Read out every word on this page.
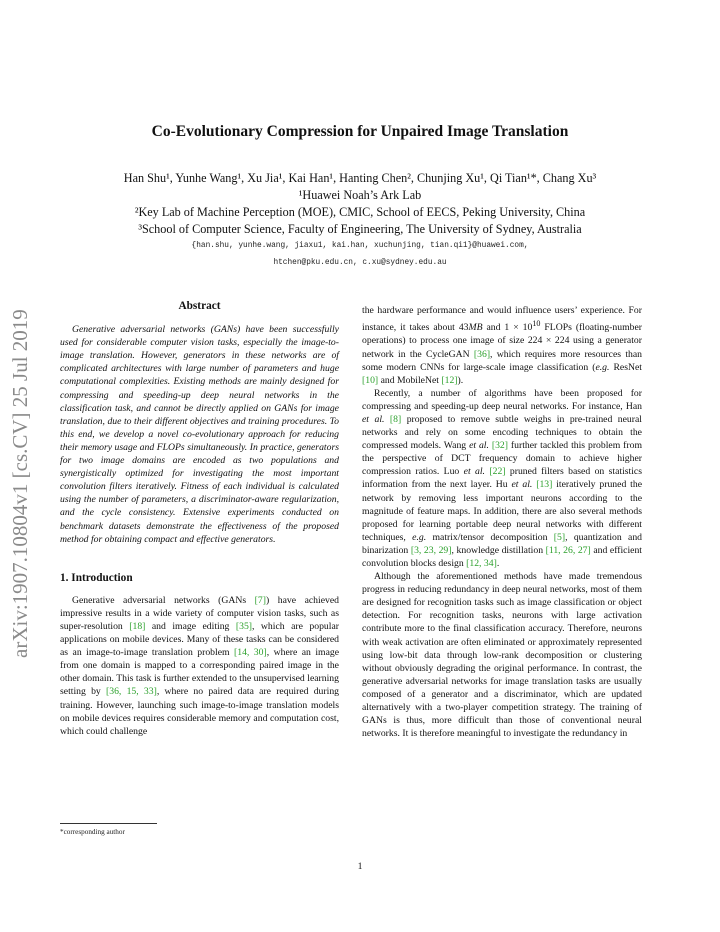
arXiv:1907.10804v1 [cs.CV] 25 Jul 2019
Co-Evolutionary Compression for Unpaired Image Translation
Han Shu¹, Yunhe Wang¹, Xu Jia¹, Kai Han¹, Hanting Chen², Chunjing Xu¹, Qi Tian¹*, Chang Xu³
¹Huawei Noah’s Ark Lab
²Key Lab of Machine Perception (MOE), CMIC, School of EECS, Peking University, China
³School of Computer Science, Faculty of Engineering, The University of Sydney, Australia
{han.shu, yunhe.wang, jiaxu1, kai.han, xuchunjing, tian.qi1}@huawei.com,
htchen@pku.edu.cn, c.xu@sydney.edu.au
Abstract

Generative adversarial networks (GANs) have been successfully used for considerable computer vision tasks, especially the image-to-image translation. However, generators in these networks are of complicated architectures with large number of parameters and huge computational complexities. Existing methods are mainly designed for compressing and speeding-up deep neural networks in the classification task, and cannot be directly applied on GANs for image translation, due to their different objectives and training procedures. To this end, we develop a novel co-evolutionary approach for reducing their memory usage and FLOPs simultaneously. In practice, generators for two image domains are encoded as two populations and synergistically optimized for investigating the most important convolution filters iteratively. Fitness of each individual is calculated using the number of parameters, a discriminator-aware regularization, and the cycle consistency. Extensive experiments conducted on benchmark datasets demonstrate the effectiveness of the proposed method for obtaining compact and effective generators.

1. Introduction

Generative adversarial networks (GANs [7]) have achieved impressive results in a wide variety of computer vision tasks, such as super-resolution [18] and image editing [35], which are popular applications on mobile devices. Many of these tasks can be considered as an image-to-image translation problem [14, 30], where an image from one domain is mapped to a corresponding paired image in the other domain. This task is further extended to the unsupervised learning setting by [36, 15, 33], where no paired data are required during training. However, launching such image-to-image translation models on mobile devices requires considerable memory and computation cost, which could challenge

the hardware performance and would influence users’ experience. For instance, it takes about 43MB and $1 \times 10^{10}$ FLOPs (floating-number operations) to process one image of size 224 × 224 using a generator network in the CycleGAN [36], which requires more resources than some modern CNNs for large-scale image classification (e.g. ResNet [10] and MobileNet [12]).

Recently, a number of algorithms have been proposed for compressing and speeding-up deep neural networks. For instance, Han et al. [8] proposed to remove subtle weighs in pre-trained neural networks and rely on some encoding techniques to obtain the compressed models. Wang et al. [32] further tackled this problem from the perspective of DCT frequency domain to achieve higher compression ratios. Luo et al. [22] pruned filters based on statistics information from the next layer. Hu et al. [13] iteratively pruned the network by removing less important neurons according to the magnitude of feature maps. In addition, there are also several methods proposed for learning portable deep neural networks with different techniques, e.g. matrix/tensor decomposition [5], quantization and binarization [3, 23, 29], knowledge distillation [11, 26, 27] and efficient convolution blocks design [12, 34].

Although the aforementioned methods have made tremendous progress in reducing redundancy in deep neural networks, most of them are designed for recognition tasks such as image classification or object detection. For recognition tasks, neurons with large activation contribute more to the final classification accuracy. Therefore, neurons with weak activation are often eliminated or approximately represented using low-bit data through low-rank decomposition or clustering without obviously degrading the original performance. In contrast, the generative adversarial networks for image translation tasks are usually composed of a generator and a discriminator, which are updated alternatively with a two-player competition strategy. The training of GANs is thus, more difficult than those of conventional neural networks. It is therefore meaningful to investigate the redundancy in

*corresponding author
1
